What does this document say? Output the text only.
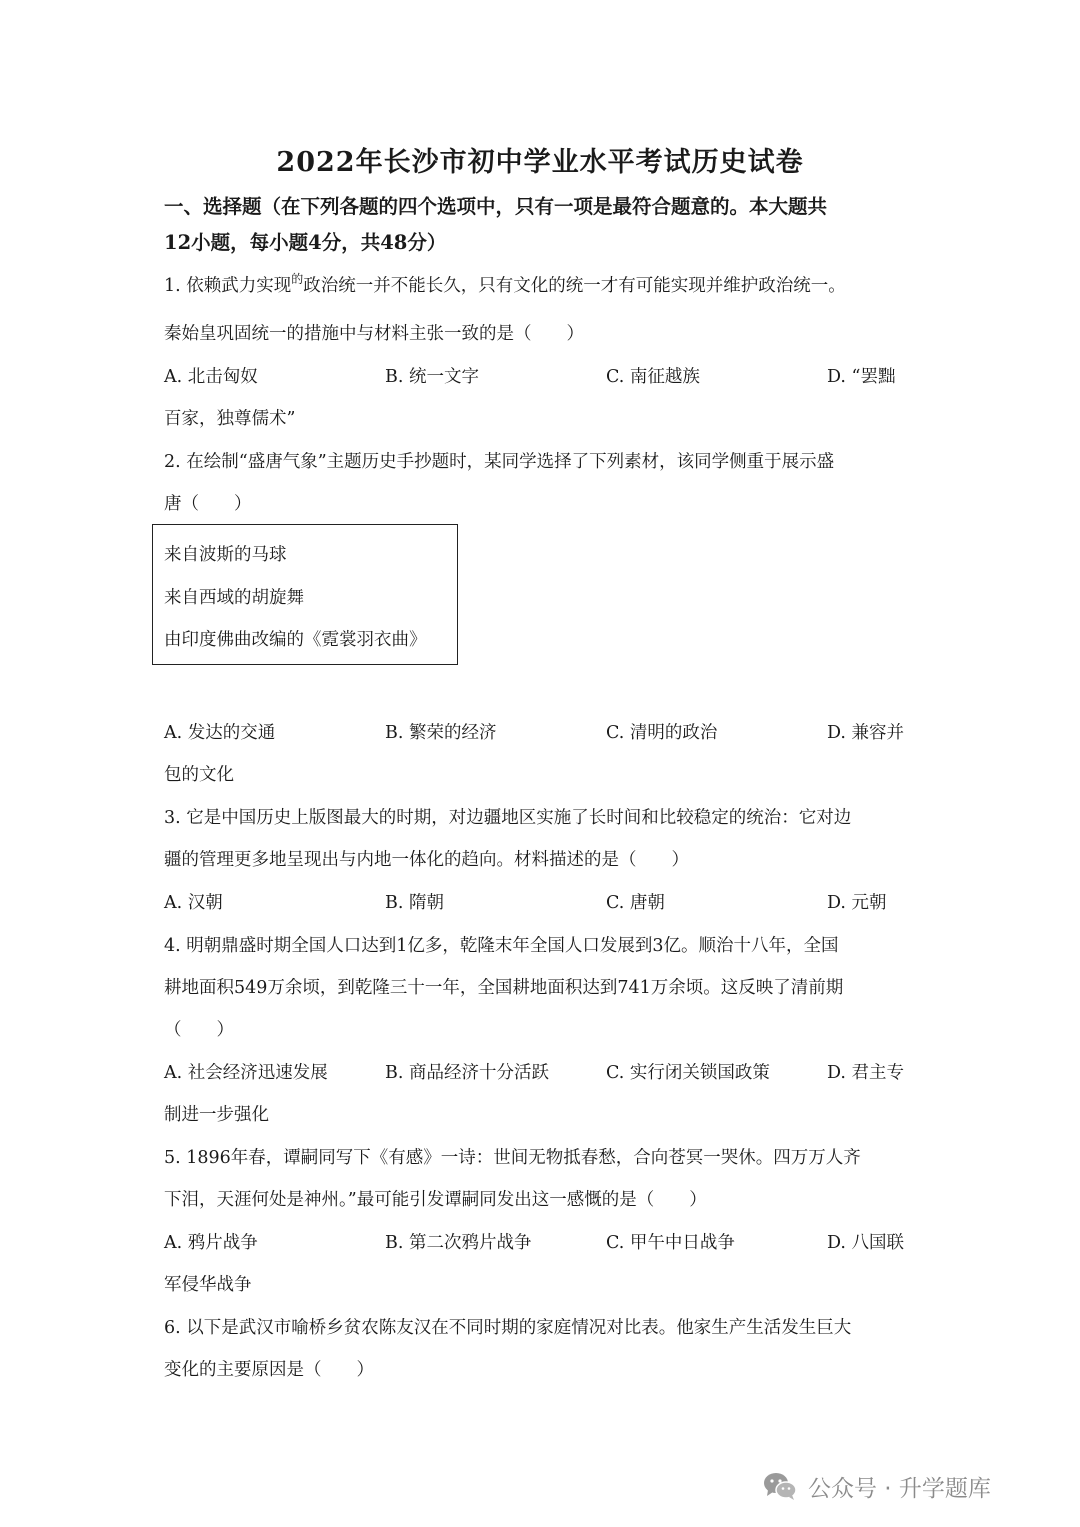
2022年长沙市初中学业水平考试历史试卷
一、选择题（在下列各题的四个选项中，只有一项是最符合题意的。本大题共
12小题，每小题4分，共48分）
1. 依赖武力实现$^的$政治统一并不能长久，只有文化的统一才有可能实现并维护政治统一。
秦始皇巩固统一的措施中与材料主张一致的是（　　）
A. 北击匈奴	B. 统一文字	C. 南征越族	D. “罢黜
百家，独尊儒术”
2. 在绘制“盛唐气象”主题历史手抄题时，某同学选择了下列素材，该同学侧重于展示盛
唐（　　）
来自波斯的马球
来自西域的胡旋舞
由印度佛曲改编的《霓裳羽衣曲》
A. 发达的交通	B. 繁荣的经济	C. 清明的政治	D. 兼容并
包的文化
3. 它是中国历史上版图最大的时期，对边疆地区实施了长时间和比较稳定的统治：它对边
疆的管理更多地呈现出与内地一体化的趋向。材料描述的是（　　）
A. 汉朝	B. 隋朝	C. 唐朝	D. 元朝
4. 明朝鼎盛时期全国人口达到1亿多，乾隆末年全国人口发展到3亿。顺治十八年，全国
耕地面积549万余顷，到乾隆三十一年，全国耕地面积达到741万余顷。这反映了清前期
（　　）
A. 社会经济迅速发展	B. 商品经济十分活跃	C. 实行闭关锁国政策	D. 君主专
制进一步强化
5. 1896年春，谭嗣同写下《有感》一诗：世间无物抵春愁，合向苍冥一哭休。四万万人齐
下泪，天涯何处是神州。”最可能引发谭嗣同发出这一感慨的是（　　）
A. 鸦片战争	B. 第二次鸦片战争	C. 甲午中日战争	D. 八国联
军侵华战争
6. 以下是武汉市喻桥乡贫农陈友汉在不同时期的家庭情况对比表。他家生产生活发生巨大
变化的主要原因是（　　）
公众号 · 升学题库
